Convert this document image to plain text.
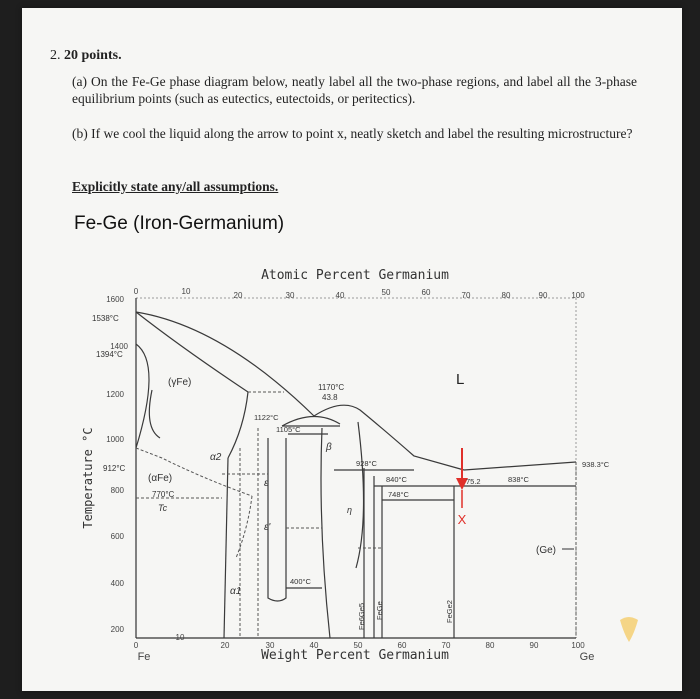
2. 20 points.
(a) On the Fe-Ge phase diagram below, neatly label all the two-phase regions, and label all the 3-phase equilibrium points (such as eutectics, eutectoids, or peritectics).
(b) If we cool the liquid along the arrow to point x, neatly sketch and label the resulting microstructure?
Explicitly state any/all assumptions.
Fe-Ge (Iron-Germanium)
Atomic Percent Germanium
Weight Percent Germanium
Temperature °C
Fe	Ge
0	10	20	30	40	50	60	70	80	90	100
0
10
20	30	40	50	60	70	80	90	100
1600
1400
1200
1000
800
600
400
200
X
1538°C
1394°C
912°C
(γFe)
(αFe)
770°C
Tc
1170°C
43.8
1122°C
1105°C
β
928°C
840°C
748°C
400°C
938.3°C
838°C
75.2
L
α2
α1
ε
ε'
η
(Ge)
Fe6Ge5 FeGe	FeGe2
